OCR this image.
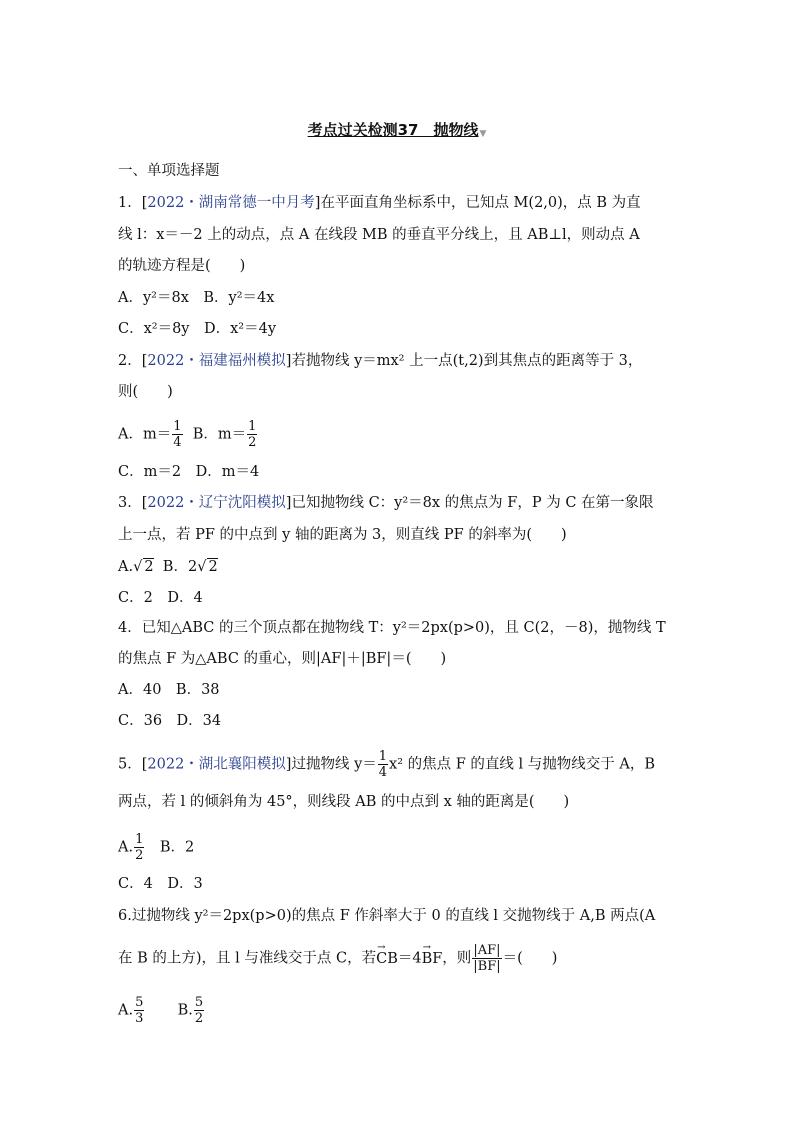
考点过关检测37　抛物线▼
一、单项选择题
1．[2022・湖南常德一中月考]在平面直角坐标系中，已知点 M(2,0)，点 B 为直
线 l：x＝－2 上的动点，点 A 在线段 MB 的垂直平分线上，且 AB⊥l，则动点 A
的轨迹方程是(　　)
A．y²＝8x　B．y²＝4x
C．x²＝8y　D．x²＝4y
2．[2022・福建福州模拟]若抛物线 y＝mx² 上一点(t,2)到其焦点的距离等于 3，
则(　　)
A．$m= \frac{1}{4}$ B．$m= \frac{1}{2}$
C．m＝2　D．m＝4
3．[2022・辽宁沈阳模拟]已知抛物线 C：y²＝8x 的焦点为 F，P 为 C 在第一象限
上一点，若 PF 的中点到 y 轴的距离为 3，则直线 PF 的斜率为(　　)
A.√ 2 B．2√ 2
C．2　D．4
4．已知△ABC 的三个顶点都在抛物线 T：y²＝2px(p>0)，且 C(2，－8)，抛物线 T
的焦点 F 为△ABC 的重心，则|AF|＋|BF|＝(　　)
A．40　B．38
C．36　D．34
5．[2022・湖北襄阳模拟]过抛物线 $y= \frac{1}{4} x^2$ 的焦点 F 的直线 l 与抛物线交于 A，B
两点，若 l 的倾斜角为 45°，则线段 AB 的中点到 x 轴的距离是(　　)
A. $\frac{1}{2}$ 　B．2
C．4　D．3
6.过抛物线 y²＝2px(p>0)的焦点 F 作斜率大于 0 的直线 l 交抛物线于 A,B 两点(A
在 B 的上方)，且 l 与准线交于点 C，若→ CB＝4→ BF，则 $\frac{|AF|}{|BF|}$ ＝(　　)
A. $\frac{5}{3} B$. $\frac{5}{2}$
